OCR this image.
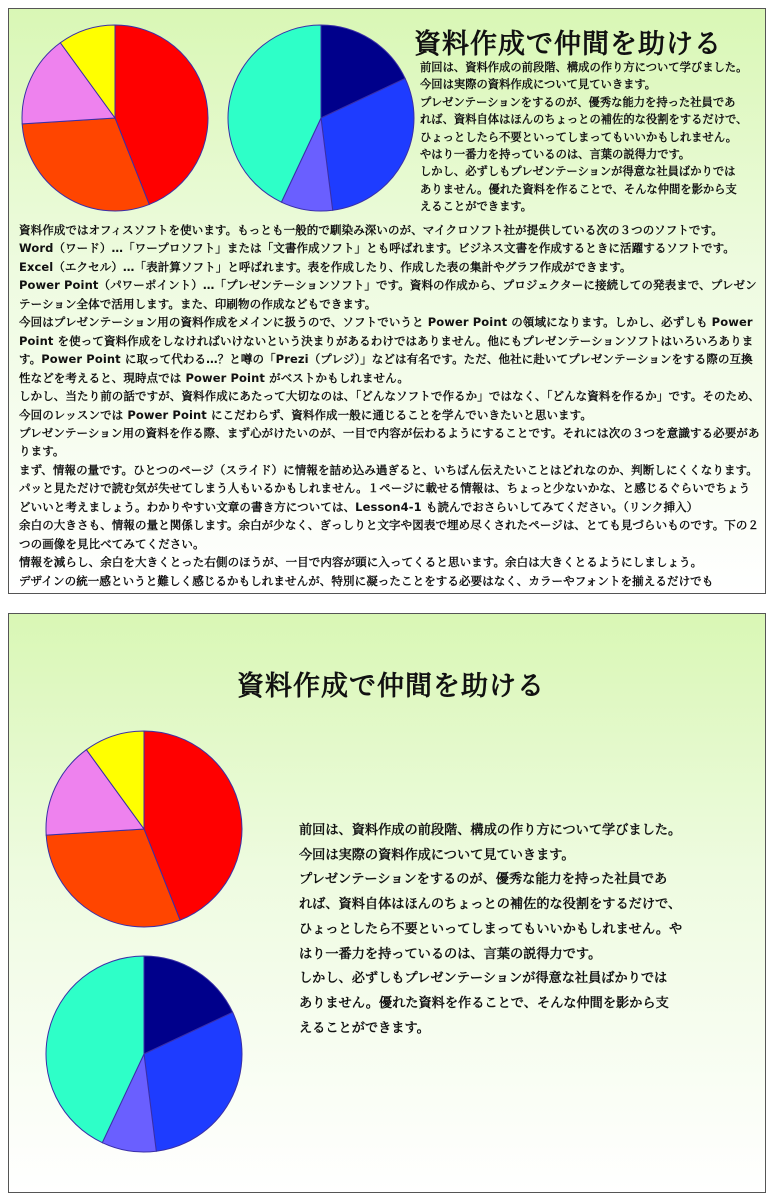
資料作成で仲間を助ける

前回は、資料作成の前段階、構成の作り方について学びました。

今回は実際の資料作成について見ていきます。

プレゼンテーションをするのが、優秀な能力を持った社員であ

れば、資料自体はほんのちょっとの補佐的な役割をするだけで、

ひょっとしたら不要といってしまってもいいかもしれません。

やはり一番力を持っているのは、言葉の説得力です。

しかし、必ずしもプレゼンテーションが得意な社員ばかりでは

ありません。優れた資料を作ることで、そんな仲間を影から支

えることができます。

資料作成ではオフィスソフトを使います。もっとも一般的で馴染み深いのが、マイクロソフト社が提供している次の３つのソフトです。

Word（ワード）…「ワープロソフト」または「文書作成ソフト」とも呼ばれます。ビジネス文書を作成するときに活躍するソフトです。

Excel（エクセル）…「表計算ソフト」と呼ばれます。表を作成したり、作成した表の集計やグラフ作成ができます。

Power Point（パワーポイント）…「プレゼンテーションソフト」です。資料の作成から、プロジェクターに接続しての発表まで、プレゼンテーション全体で活用します。また、印刷物の作成などもできます。

今回はプレゼンテーション用の資料作成をメインに扱うので、ソフトでいうと Power Point の領域になります。しかし、必ずしも Power Point を使って資料作成をしなければいけないという決まりがあるわけではありません。他にもプレゼンテーションソフトはいろいろあります。Power Point に取って代わる…？と噂の「Prezi（プレジ）」などは有名です。ただ、他社に赴いてプレゼンテーションをする際の互換性などを考えると、現時点では Power Point がベストかもしれません。

しかし、当たり前の話ですが、資料作成にあたって大切なのは、「どんなソフトで作るか」ではなく、「どんな資料を作るか」です。そのため、今回のレッスンでは Power Point にこだわらず、資料作成一般に通じることを学んでいきたいと思います。

プレゼンテーション用の資料を作る際、まず心がけたいのが、一目で内容が伝わるようにすることです。それには次の３つを意識する必要があります。

まず、情報の量です。ひとつのページ（スライド）に情報を詰め込み過ぎると、いちばん伝えたいことはどれなのか、判断しにくくなります。パッと見ただけで読む気が失せてしまう人もいるかもしれません。１ページに載せる情報は、ちょっと少ないかな、と感じるぐらいでちょうどいいと考えましょう。わかりやすい文章の書き方については、Lesson4-1 も読んでおさらいしてみてください。（リンク挿入）

余白の大きさも、情報の量と関係します。余白が少なく、ぎっしりと文字や図表で埋め尽くされたページは、とても見づらいものです。下の２つの画像を見比べてみてください。

情報を減らし、余白を大きくとった右側のほうが、一目で内容が頭に入ってくると思います。余白は大きくとるようにしましょう。

デザインの統一感というと難しく感じるかもしれませんが、特別に凝ったことをする必要はなく、カラーやフォントを揃えるだけでも

資料作成で仲間を助ける

前回は、資料作成の前段階、構成の作り方について学びました。

今回は実際の資料作成について見ていきます。

プレゼンテーションをするのが、優秀な能力を持った社員であ

れば、資料自体はほんのちょっとの補佐的な役割をするだけで、

ひょっとしたら不要といってしまってもいいかもしれません。や

はり一番力を持っているのは、言葉の説得力です。

しかし、必ずしもプレゼンテーションが得意な社員ばかりでは

ありません。優れた資料を作ることで、そんな仲間を影から支

えることができます。
